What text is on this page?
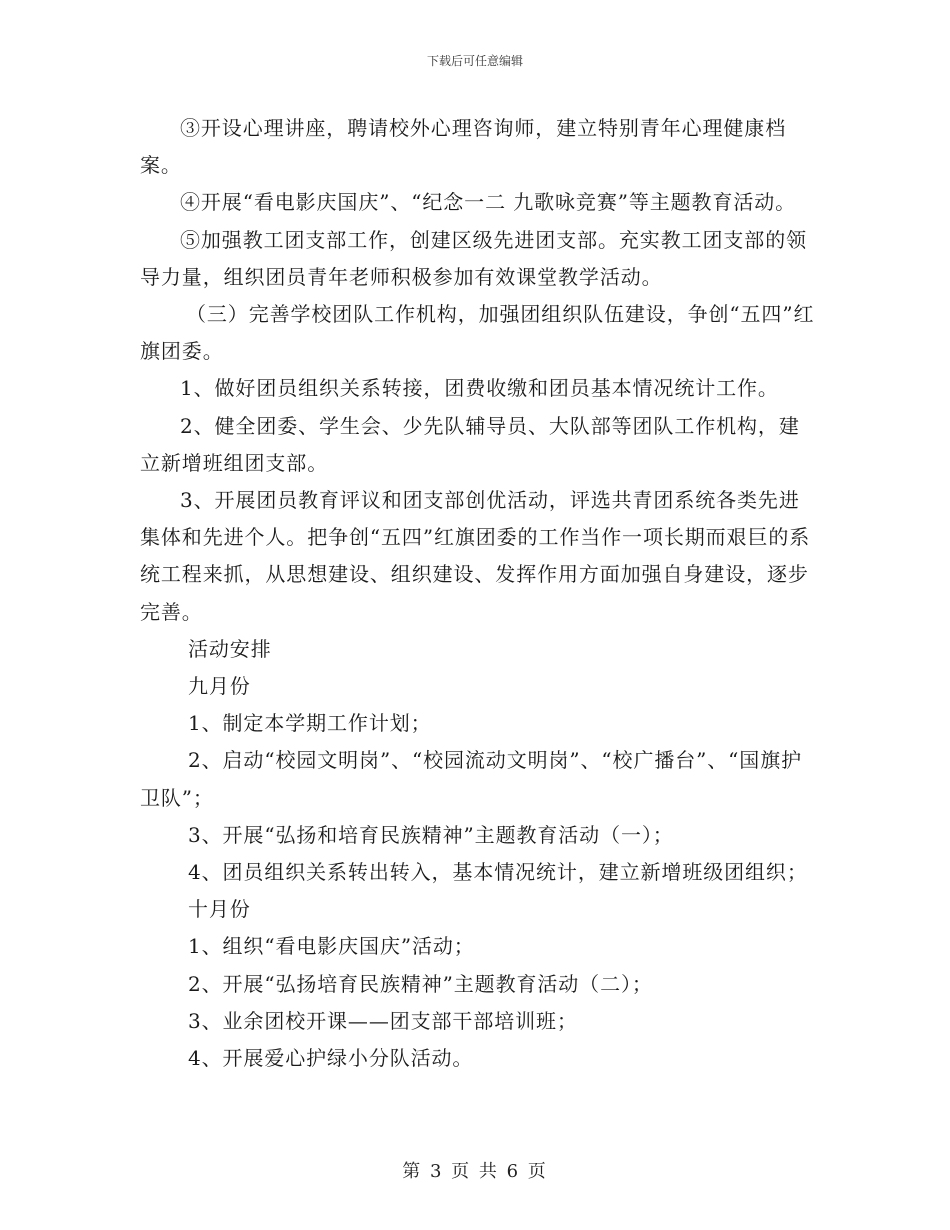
下载后可任意编辑

③开设心理讲座，聘请校外心理咨询师，建立特别青年心理健康档案。

④开展“看电影庆国庆”、“纪念一二 九歌咏竞赛”等主题教育活动。

⑤加强教工团支部工作，创建区级先进团支部。充实教工团支部的领导力量，组织团员青年老师积极参加有效课堂教学活动。

（三）完善学校团队工作机构，加强团组织队伍建设，争创“五四”红旗团委。

1、做好团员组织关系转接，团费收缴和团员基本情况统计工作。

2、健全团委、学生会、少先队辅导员、大队部等团队工作机构，建立新增班组团支部。

3、开展团员教育评议和团支部创优活动，评选共青团系统各类先进集体和先进个人。把争创“五四”红旗团委的工作当作一项长期而艰巨的系统工程来抓，从思想建设、组织建设、发挥作用方面加强自身建设，逐步完善。

活动安排

九月份

1、制定本学期工作计划；

2、启动“校园文明岗”、“校园流动文明岗”、“校广播台”、“国旗护卫队”；

3、开展“弘扬和培育民族精神”主题教育活动（一）；

4、团员组织关系转出转入，基本情况统计，建立新增班级团组织；

十月份

1、组织“看电影庆国庆”活动；

2、开展“弘扬培育民族精神”主题教育活动（二）；

3、业余团校开课——团支部干部培训班；

4、开展爱心护绿小分队活动。

第 3 页 共 6 页
